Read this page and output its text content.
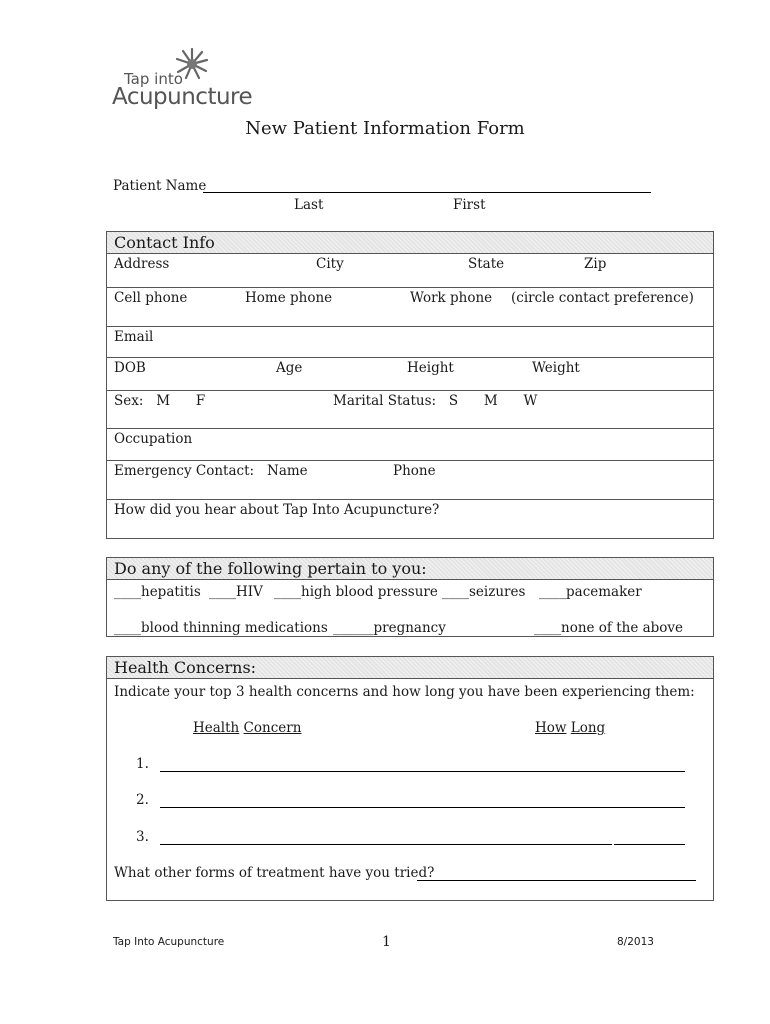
Tap into
Acupuncture
New Patient Information Form
Patient Name
Last	First
Contact Info
Address	City	State	Zip
Cell phone	Home phone	Work phone (circle contact preference)
Email
DOB	Age	Height	Weight
Sex:   M      F	Marital Status:   S      M      W
Occupation
Emergency Contact: Name	Phone
How did you hear about Tap Into Acupuncture?
Do any of the following pertain to you:
____hepatitis ____HIV ____high blood pressure ____seizures ____pacemaker
____blood thinning medications ______pregnancy	____none of the above
Health Concerns:
Indicate your top 3 health concerns and how long you have been experiencing them:
Health Concern	How Long
1.
2.
3.
What other forms of treatment have you tried?
Tap Into Acupuncture	1	8/2013
